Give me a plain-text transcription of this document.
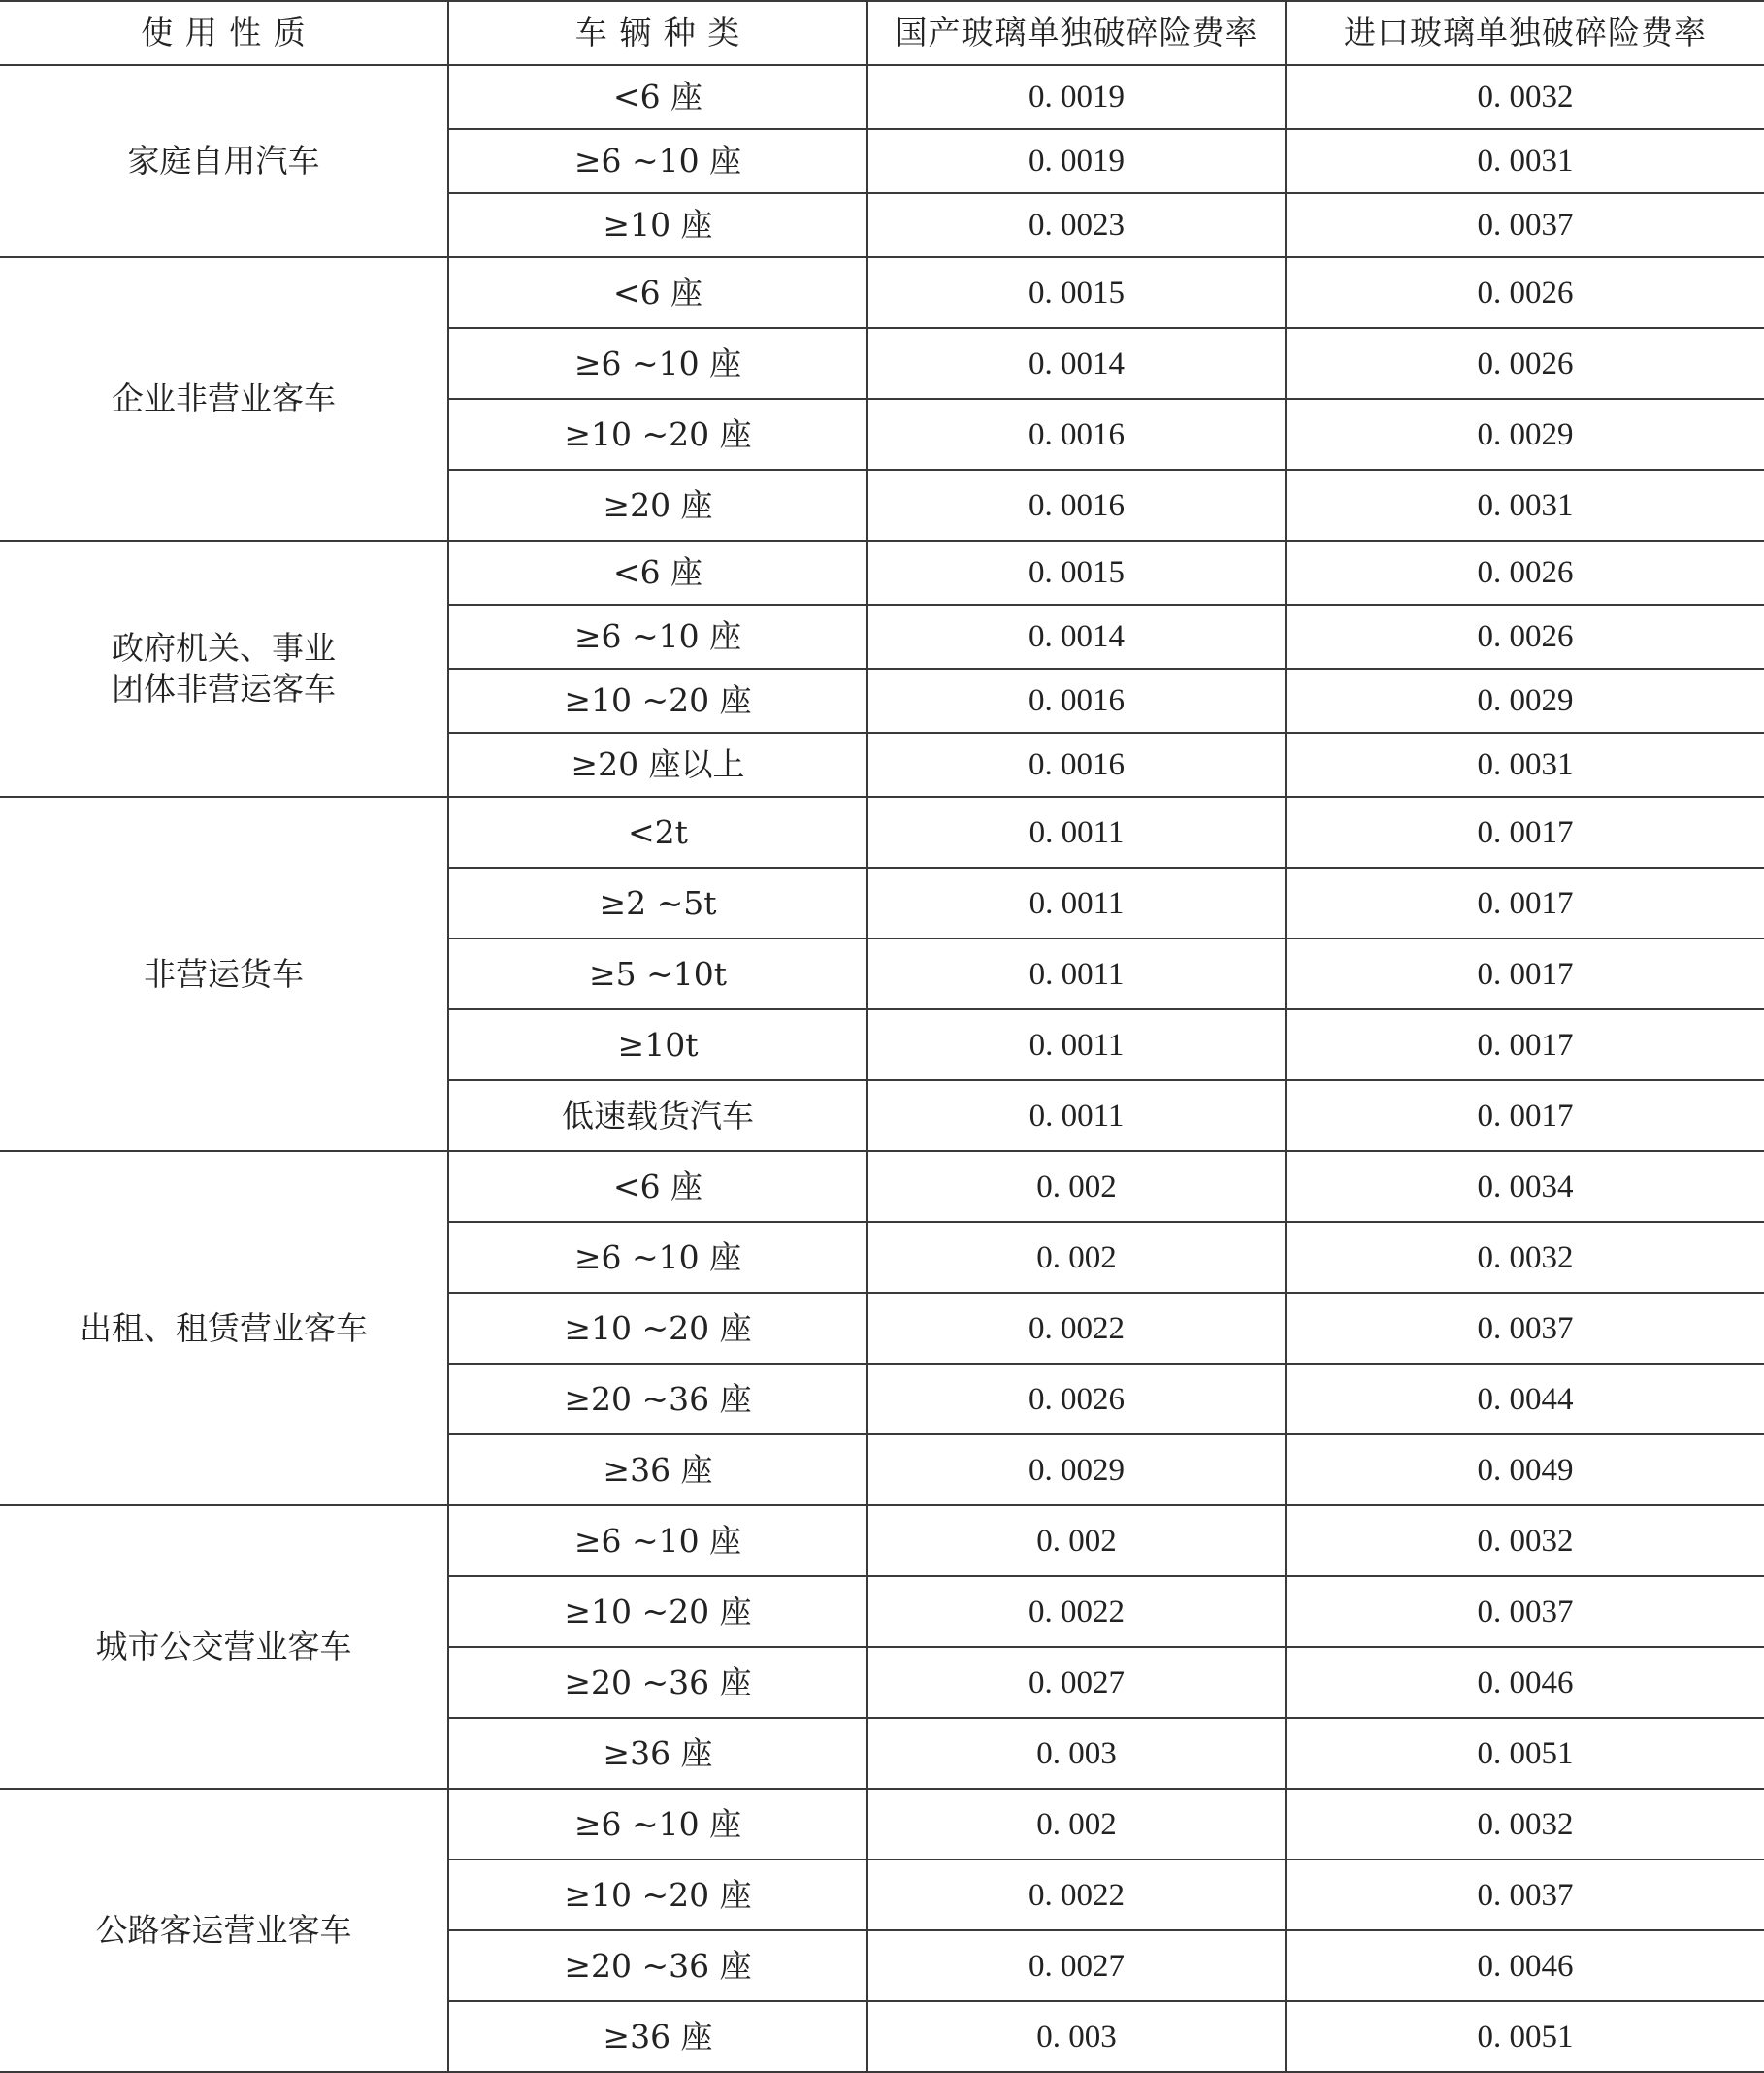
使 用 性 质	车 辆 种 类	国产玻璃单独破碎险费率	进口玻璃单独破碎险费率
家庭自用汽车	<6 座	0. 0019	0. 0032
	≥6 ~10 座	0. 0019	0. 0031
	≥10 座	0. 0023	0. 0037
企业非营业客车	<6 座	0. 0015	0. 0026
	≥6 ~10 座	0. 0014	0. 0026
	≥10 ~20 座	0. 0016	0. 0029
	≥20 座	0. 0016	0. 0031
政府机关、事业
团体非营运客车	<6 座	0. 0015	0. 0026
	≥6 ~10 座	0. 0014	0. 0026
	≥10 ~20 座	0. 0016	0. 0029
	≥20 座以上	0. 0016	0. 0031
非营运货车	<2t	0. 0011	0. 0017
	≥2 ~5t	0. 0011	0. 0017
	≥5 ~10t	0. 0011	0. 0017
	≥10t	0. 0011	0. 0017
	低速载货汽车	0. 0011	0. 0017
出租、租赁营业客车	<6 座	0. 002	0. 0034
	≥6 ~10 座	0. 002	0. 0032
	≥10 ~20 座	0. 0022	0. 0037
	≥20 ~36 座	0. 0026	0. 0044
	≥36 座	0. 0029	0. 0049
城市公交营业客车	≥6 ~10 座	0. 002	0. 0032
	≥10 ~20 座	0. 0022	0. 0037
	≥20 ~36 座	0. 0027	0. 0046
	≥36 座	0. 003	0. 0051
公路客运营业客车	≥6 ~10 座	0. 002	0. 0032
	≥10 ~20 座	0. 0022	0. 0037
	≥20 ~36 座	0. 0027	0. 0046
	≥36 座	0. 003	0. 0051
